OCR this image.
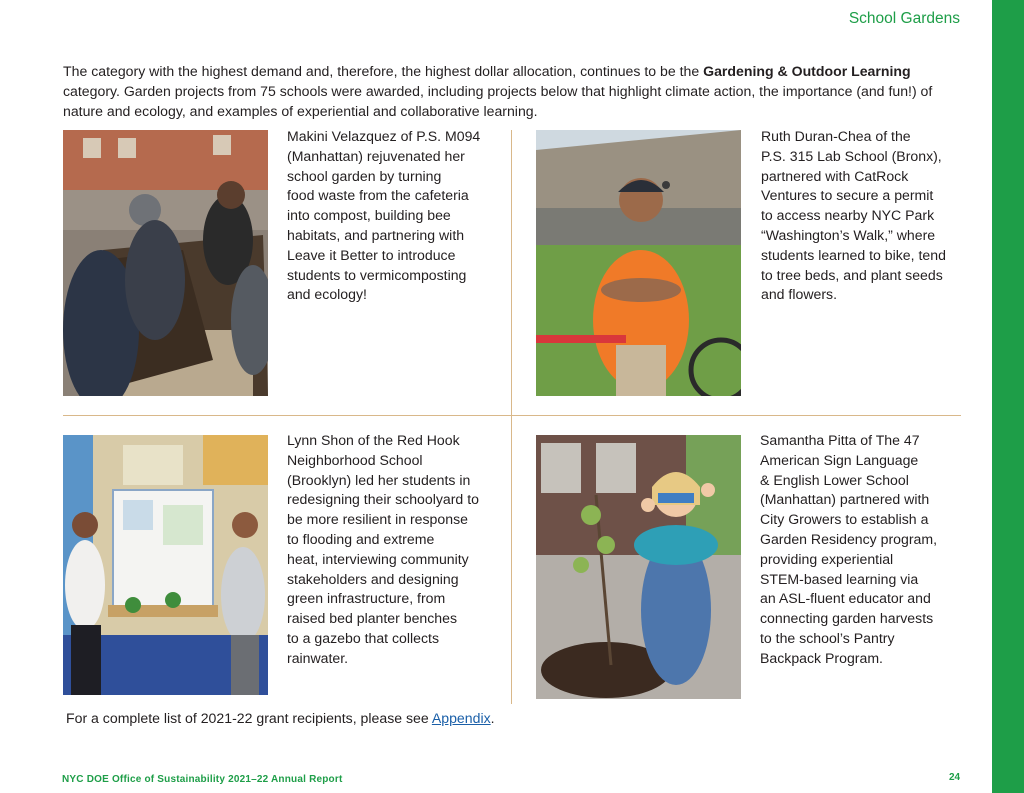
School Gardens

The category with the highest demand and, therefore, the highest dollar allocation, continues to be the Gardening & Outdoor Learning category. Garden projects from 75 schools were awarded, including projects below that highlight climate action, the importance (and fun!) of nature and ecology, and examples of experiential and collaborative learning.

Makini Velazquez of P.S. M094
(Manhattan) rejuvenated her
school garden by turning
food waste from the cafeteria
into compost, building bee
habitats, and partnering with
Leave it Better to introduce
students to vermicomposting
and ecology!

Ruth Duran-Chea of the
P.S. 315 Lab School (Bronx),
partnered with CatRock
Ventures to secure a permit
to access nearby NYC Park
“Washington’s Walk,” where
students learned to bike, tend
to tree beds, and plant seeds
and flowers.

Lynn Shon of the Red Hook
Neighborhood School
(Brooklyn) led her students in
redesigning their schoolyard to
be more resilient in response
to flooding and extreme
heat, interviewing community
stakeholders and designing
green infrastructure, from
raised bed planter benches
to a gazebo that collects
rainwater.

Samantha Pitta of The 47
American Sign Language
& English Lower School
(Manhattan) partnered with
City Growers to establish a
Garden Residency program,
providing experiential
STEM-based learning via
an ASL-fluent educator and
connecting garden harvests
to the school’s Pantry
Backpack Program.

For a complete list of 2021-22 grant recipients, please see Appendix.

NYC DOE Office of Sustainability 2021–22 Annual Report	24
